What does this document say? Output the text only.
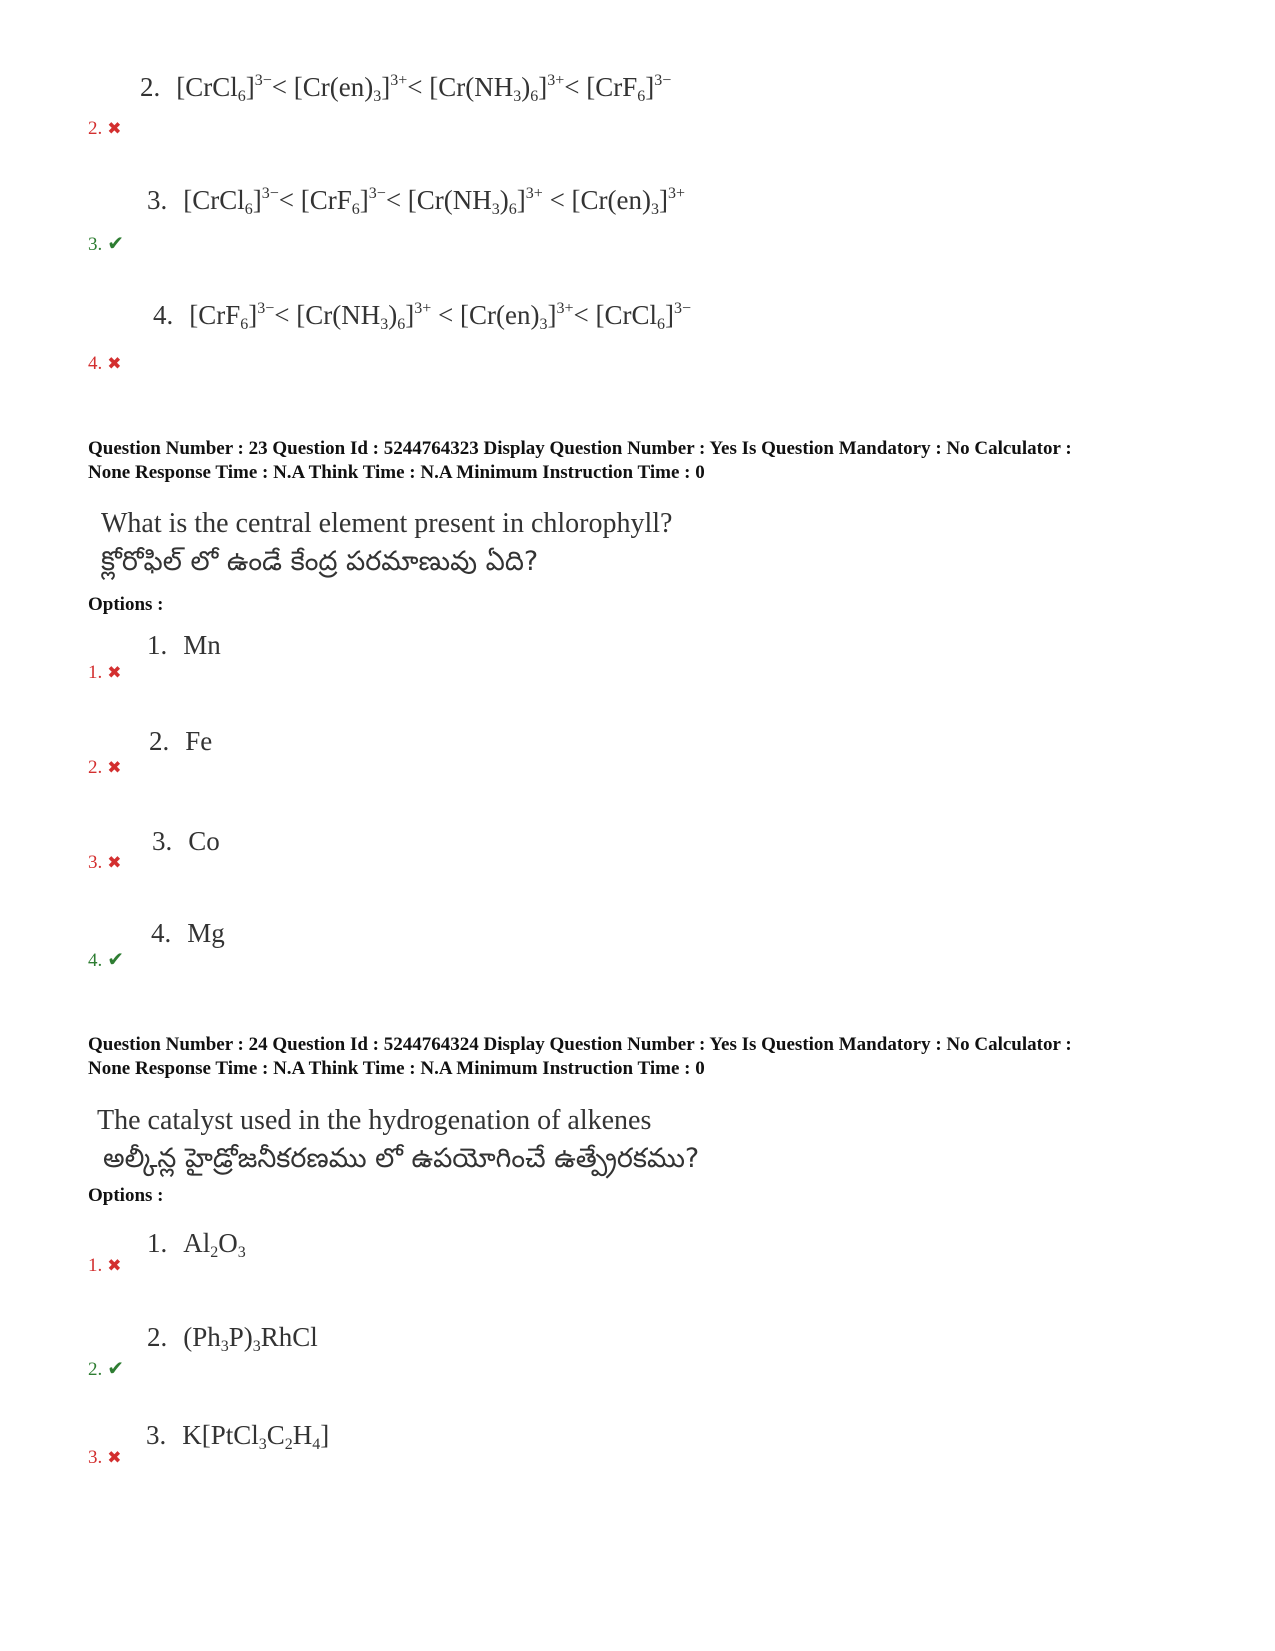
2. [CrCl$_6$]$^{3-}$< $[Cr(en)_3]^{3+}< [Cr(NH_3)_6]^{3+}< [CrF_6]^{3-}$
2. ✖
3. [CrCl$_6$]$^{3-}$< $[CrF_6]^{3-}< [Cr(NH_3)_6]^{3+} < [Cr(en)_3]^{3+}$
3. ✔
4. $[CrF_6]^{3-}< [Cr(NH_3)_6]^{3+} < [Cr(en)_3]^{3+}<$ [CrCl$_6$]$^{3-}$
4. ✖
Question Number : 23 Question Id : 5244764323 Display Question Number : Yes Is Question Mandatory : No Calculator :
None Response Time : N.A Think Time : N.A Minimum Instruction Time : 0
What is the central element present in chlorophyll?
క్లోరోఫిల్ లో ఉండే కేంద్ర పరమాణువు ఏది?
Options :
1. Mn
1. ✖
2. Fe
2. ✖
3. Co
3. ✖
4. Mg
4. ✔
Question Number : 24 Question Id : 5244764324 Display Question Number : Yes Is Question Mandatory : No Calculator :
None Response Time : N.A Think Time : N.A Minimum Instruction Time : 0
The catalyst used in the hydrogenation of alkenes
అల్కీన్ల హైడ్రోజనీకరణము లో ఉపయోగించే ఉత్ప్రేరకము?
Options :
1. $Al_2O_3$
1. ✖
2. $(Ph_3P)_3RhCl$
2. ✔
3. $K[PtCl_3C_2H_4]$
3. ✖
